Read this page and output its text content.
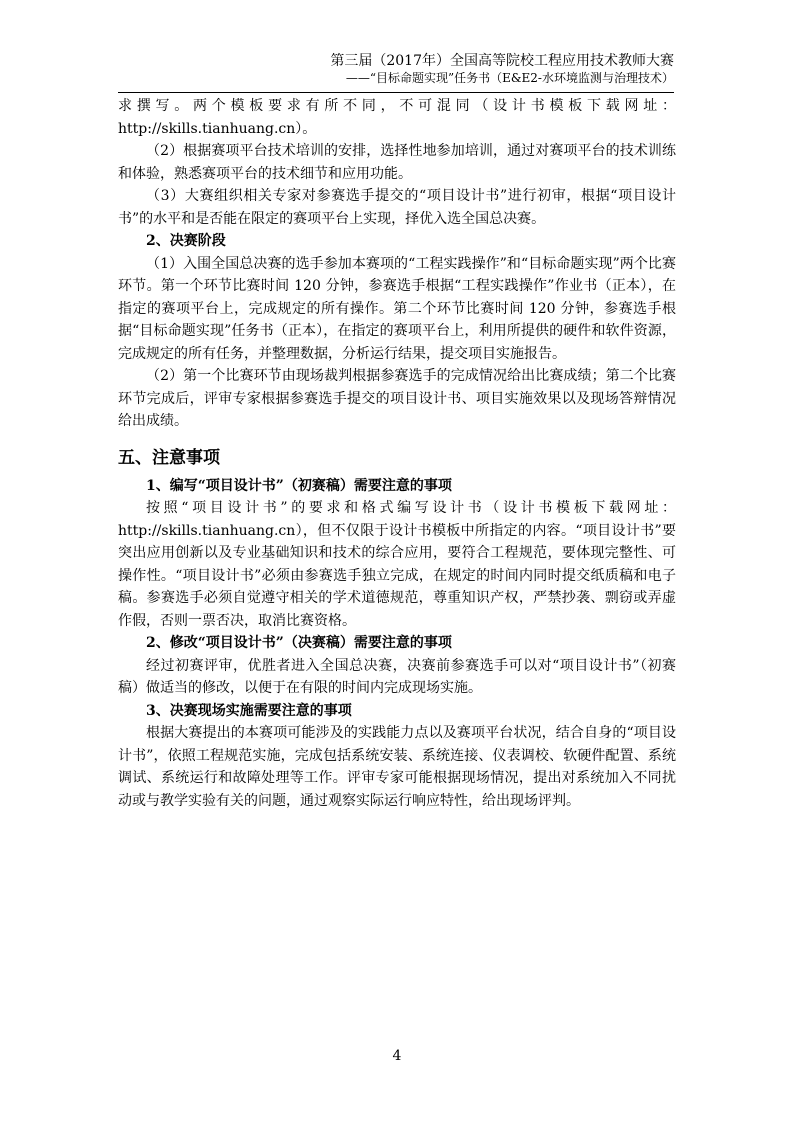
第三届（2017年）全国高等院校工程应用技术教师大赛
——“目标命题实现”任务书（E&E2-水环境监测与治理技术）

求撰写。两个模板要求有所不同，不可混同（设计书模板下载网址：http://skills.tianhuang.cn）。

（2）根据赛项平台技术培训的安排，选择性地参加培训，通过对赛项平台的技术训练和体验，熟悉赛项平台的技术细节和应用功能。

（3）大赛组织相关专家对参赛选手提交的“项目设计书”进行初审，根据“项目设计书”的水平和是否能在限定的赛项平台上实现，择优入选全国总决赛。

2、决赛阶段

（1）入围全国总决赛的选手参加本赛项的“工程实践操作”和“目标命题实现”两个比赛环节。第一个环节比赛时间 120 分钟，参赛选手根据“工程实践操作”作业书（正本），在指定的赛项平台上，完成规定的所有操作。第二个环节比赛时间 120 分钟，参赛选手根据“目标命题实现”任务书（正本），在指定的赛项平台上，利用所提供的硬件和软件资源，完成规定的所有任务，并整理数据，分析运行结果，提交项目实施报告。

（2）第一个比赛环节由现场裁判根据参赛选手的完成情况给出比赛成绩；第二个比赛环节完成后，评审专家根据参赛选手提交的项目设计书、项目实施效果以及现场答辩情况给出成绩。

五、注意事项

1、编写“项目设计书”（初赛稿）需要注意的事项

按照“项目设计书”的要求和格式编写设计书（设计书模板下载网址：http://skills.tianhuang.cn），但不仅限于设计书模板中所指定的内容。“项目设计书”要突出应用创新以及专业基础知识和技术的综合应用，要符合工程规范，要体现完整性、可操作性。“项目设计书”必须由参赛选手独立完成，在规定的时间内同时提交纸质稿和电子稿。参赛选手必须自觉遵守相关的学术道德规范，尊重知识产权，严禁抄袭、剽窃或弄虚作假，否则一票否决，取消比赛资格。

2、修改“项目设计书”（决赛稿）需要注意的事项

经过初赛评审，优胜者进入全国总决赛，决赛前参赛选手可以对“项目设计书”（初赛稿）做适当的修改，以便于在有限的时间内完成现场实施。

3、决赛现场实施需要注意的事项

根据大赛提出的本赛项可能涉及的实践能力点以及赛项平台状况，结合自身的“项目设计书”，依照工程规范实施，完成包括系统安装、系统连接、仪表调校、软硬件配置、系统调试、系统运行和故障处理等工作。评审专家可能根据现场情况，提出对系统加入不同扰动或与教学实验有关的问题，通过观察实际运行响应特性，给出现场评判。

4
